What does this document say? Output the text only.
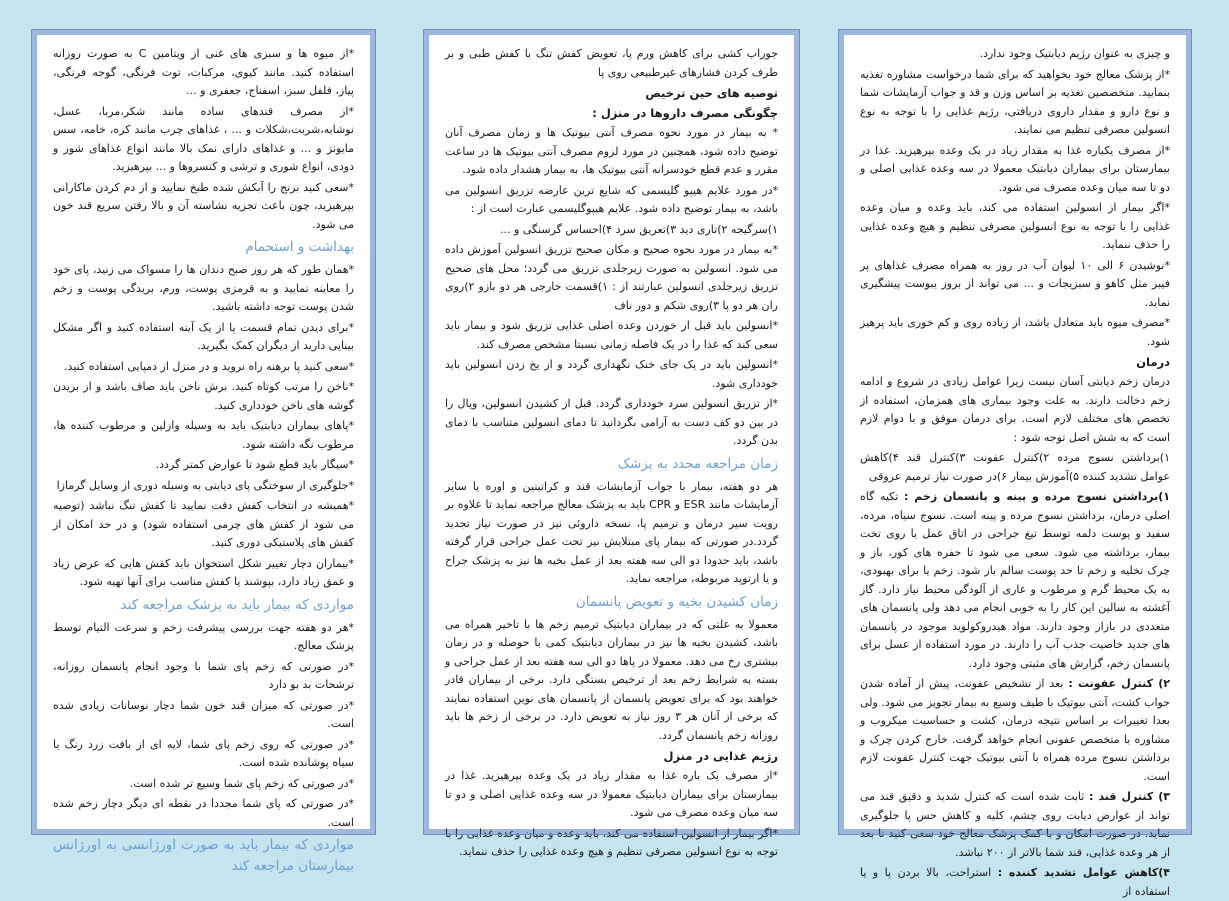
و چیزی به عنوان رژیم دیابتیک وجود ندارد.

*از پزشک معالج خود بخواهید که برای شما درخواست مشاوره تغذیه بنمایید. متخصصین تغذیه بر اساس وزن و قد و جواب آزمایشات شما و نوع دارو و مقدار داروی دریافتی، رژیم غذایی را با توجه به نوع انسولین مصرفی تنظیم می نمایند.

*از مصرف یکباره غذا به مقدار زیاد در یک وعده بپرهیزید. غذا در بیمارستان برای بیماران دیابتیک معمولا در سه وعده غذایی اصلی و دو تا سه میان وعده مصرف می شود.

*اگر بیمار از انسولین استفاده می کند، باید وعده و میان وعده غذایی را با توجه به نوع انسولین مصرفی تنظیم و هیچ وعده غذایی را حذف ننماید.

*نوشیدن ۶ الی ۱۰ لیوان آب در روز به همراه مصرف غذاهای پر فیبر مثل کاهو و سبزیجات و ... می تواند از بروز یبوست پیشگیری نماید.

*مصرف میوه باید متعادل باشد، از زیاده روی و کم خوری باید پرهیز شود.

درمان

درمان زخم دیابتی آسان نیست زیرا عوامل زیادی در شروع و ادامه زخم دخالت دارند. به علت وجود بیماری های همزمان، استفاده از تخصص های مختلف لازم است. برای درمان موفق و با دوام لازم است که به شش اصل توجه شود :

۱)برداشتن نسوج مرده ۲)کنترل عفونت ۳)کنترل قند ۴)کاهش عوامل تشدید کننده ۵)آموزش بیمار ۶)در صورت نیاز ترمیم عروقی

۱)برداشتن نسوج مرده و پینه و پانسمان زخم : تکیه گاه اصلی درمان، برداشتن نسوج مرده و پینه است. نسوج سیاه، مرده، سفید و پوست دلمه توسط تیغ جراحی در اتاق عمل یا روی تخت بیمار، برداشته می شود. سعی می شود تا حفره های کور، باز و چرک تخلیه و زخم تا حد پوست سالم باز شود. زخم یا برای بهبودی، به یک محیط گرم و مرطوب و عاری از آلودگی محیط نیاز دارد. گاز آغشته به سالین این کار را به خوبی انجام می دهد ولی پانسمان های متعددی در بازار وجود دارند. مواد هیدروکولوید موجود در پانسمان های جدید خاصیت جذب آب را دارند. در مورد استفاده از عسل برای پانسمان زخم، گزارش های مثبتی وجود دارد.

۲) کنترل عفونت : بعد از تشخیص عفونت، پیش از آماده شدن جواب کشت، آنتی بیوتیک با طیف وسیع به بیمار تجویز می شود. ولی بعدا تغییرات بر اساس نتیجه درمان، کشت و حساسیت میکروب و مشاوره با متخصص عفونی انجام خواهد گرفت. خارج کردن چرک و برداشتن نسوج مرده همراه با آنتی بیوتیک جهت کنترل عفونت لازم است.

۳) کنترل قند : ثابت شده است که کنترل شدید و دقیق قند می تواند از عوارض دیابت روی چشم، کلیه و کاهش حس پا جلوگیری نماید. در صورت امکان و با کمک پزشک معالج خود سعی کنید تا بعد از هر وعده غذایی، قند شما بالاتر از ۲۰۰ نباشد.

۴)کاهش عوامل تشدید کننده : استراحت، بالا بردن پا و یا استفاده از

جوراب کشی برای کاهش ورم پا، تعویض کفش تنگ با کفش طبی و بر طرف کردن فشارهای غیرطبیعی روی پا

توصیه های حین ترخیص
چگونگی مصرف داروها در منزل :

* به بیمار در مورد نحوه مصرف آنتی بیوتیک ها و زمان مصرف آنان توضیح داده شود، همچنین در مورد لزوم مصرف آنتی بیوتیک ها در ساعت مقرر و عدم قطع خودسرانه آنتی بیوتیک ها، به بیمار هشدار داده شود.

*در مورد علایم هیپو گلیسمی که شایع ترین عارضه تزریق انسولین می باشد، به بیمار توضیح داده شود. علایم هیپوگلیسمی عبارت است از :

۱)سرگیجه ۲)تاری دید ۳)تعریق سرد ۴)احساس گرسنگی و ...

*به بیمار در مورد نحوه صحیح و مکان صحیح تزریق انسولین آموزش داده می شود. انسولین به صورت زیرجلدی تزریق می گردد؛ محل های صحیح تزریق زیرجلدی انسولین عبارتند از : ۱)قسمت خارجی هر دو بازو ۲)روی ران هر دو پا ۳)روی شکم و دور ناف

*انسولین باید قبل از خوردن وعده اصلی غذایی تزریق شود و بیمار باید سعی کند که غذا را در یک فاصله زمانی نسبتا مشخص مصرف کند.

*انسولین باید در یک جای خنک نگهداری گردد و از یخ زدن انسولین باید خودداری شود.

*از تزریق انسولین سرد خودداری گردد. قبل از کشیدن انسولین، ویال را در بین دو کف دست به آرامی بگردانید تا دمای انسولین متناسب با دمای بدن گردد.

زمان مراجعه مجدد به پزشک

هر دو هفته، بیمار با جواب آزمایشات قند و کراتینین و اوره یا سایر آزمایشات مانند ESR و CPR باید به پزشک معالج مراجعه نماید تا علاوه بر رویت سیر درمان و ترمیم پا، نسخه داروئی نیز در صورت نیاز تجدید گردد.در صورتی که بیمار پای مبتلایش نیز تحت عمل جراحی قرار گرفته باشد، باید حدودا دو الی سه هفته بعد از عمل بخیه ها نیز به پزشک جراح و یا ارتوپد مربوطه، مراجعه نماید.

زمان کشیدن بخیه و تعویض پانسمان

معمولا به علتی که در بیماران دیابتیک ترمیم زخم ها با تاخیر همراه می باشد، کشیدن بخیه ها نیز در بیماران دیابتیک کمی با حوصله و در زمان بیشتری رخ می دهد. معمولا در پاها دو الی سه هفته بعد از عمل جراحی و بسته به شرایط زخم بعد از ترخیص بستگی دارد. برخی از بیماران قادر خواهند بود که برای تعویض پانسمان از پانسمان های نوین استفاده نمایند که برخی از آنان هر ۳ روز نیاز به تعویض دارد. در برخی از زخم ها باید روزانه زخم پانسمان گردد.

رژیم غذایی در منزل

*از مصرف یک باره غذا به مقدار زیاد در یک وعده بپرهیزید. غذا در بیمارستان برای بیماران دیابتیک معمولا در سه وعده غذایی اصلی و دو تا سه میان وعده مصرف می شود.

*اگر بیمار از انسولین استفاده می کند، باید وعده و میان وعده غذایی را با توجه به نوع انسولین مصرفی تنظیم و هیچ وعده غذایی را حذف ننماید.

*از میوه ها و سبزی های غنی از ویتامین C به صورت روزانه استفاده کنید. مانند کیوی، مرکبات، توت فرنگی، گوجه فرنگی، پیاز، فلفل سبز، اسفناج، جعفری و ...

*از مصرف قندهای ساده مانند شکر،مربا، عسل، نوشابه،شربت،شکلات و ... ، غذاهای چرب مانند کره، خامه، سس مایونز و ... و غذاهای دارای نمک بالا مانند انواع غذاهای شور و دودی، انواع شوری و ترشی و کنسروها و ... بپرهیزید.

*سعی کنید برنج را آبکش شده طبخ نمایید و از دم کردن ماکارانی بپرهیزید، چون باعث تجزیه نشاسته آن و بالا رفتن سریع قند خون می شود.

بهداشت و استحمام

*همان طور که هر روز صبح دندان ها را مسواک می زنید، پای خود را معاینه نمایید و به قرمزی پوست، ورم، بریدگی پوست و زخم شدن پوست توجه داشته باشید.

*برای دیدن تمام قسمت پا از یک آینه استفاده کنید و اگر مشکل بینایی دارید از دیگران کمک بگیرید.

*سعی کنید پا برهنه راه نروید و در منزل از دمپایی استفاده کنید.

*ناخن را مرتب کوتاه کنید. برش ناخن باید صاف باشد و از بریدن گوشه های ناخن خودداری کنید.

*پاهای بیماران دیابتیک باید به وسیله وازلین و مرطوب کننده ها، مرطوب نگه داشته شود.

*سیگار باید قطع شود تا عوارض کمتر گردد.

*جلوگیری از سوختگی پای دیابتی به وسیله دوری از وسایل گرمازا

*همیشه در انتخاب کفش دقت نمایید تا کفش تنگ نباشد (توصیه می شود از کفش های چرمی استفاده شود) و در حد امکان از کفش های پلاستیکی دوری کنید.

*بیماران دچار تغییر شکل استخوان باید کفش هایی که عرض زیاد و عمق زیاد دارد، بپوشند یا کفش مناسب برای آنها تهیه شود.

مواردی که بیمار باید به پزشک مراجعه کند

*هر دو هفته جهت بررسی پیشرفت زخم و سرعت التیام توسط پزشک معالج.

*در صورتی که زخم پای شما با وجود انجام پانسمان روزانه، ترشحات بد بو دارد

*در صورتی که میزان قند خون شما دچار نوسانات زیادی شده است.

*در صورتی که روی زخم پای شما، لایه ای از بافت زرد رنگ یا سیاه پوشانده شده است.

*در صورتی که زخم پای شما وسیع تر شده است.

*در صورتی که پای شما مجددا در نقطه ای دیگر دچار زخم شده است.

مواردی که بیمار باید به صورت اورژانسی به اورژانس بیمارستان مراجعه کند
